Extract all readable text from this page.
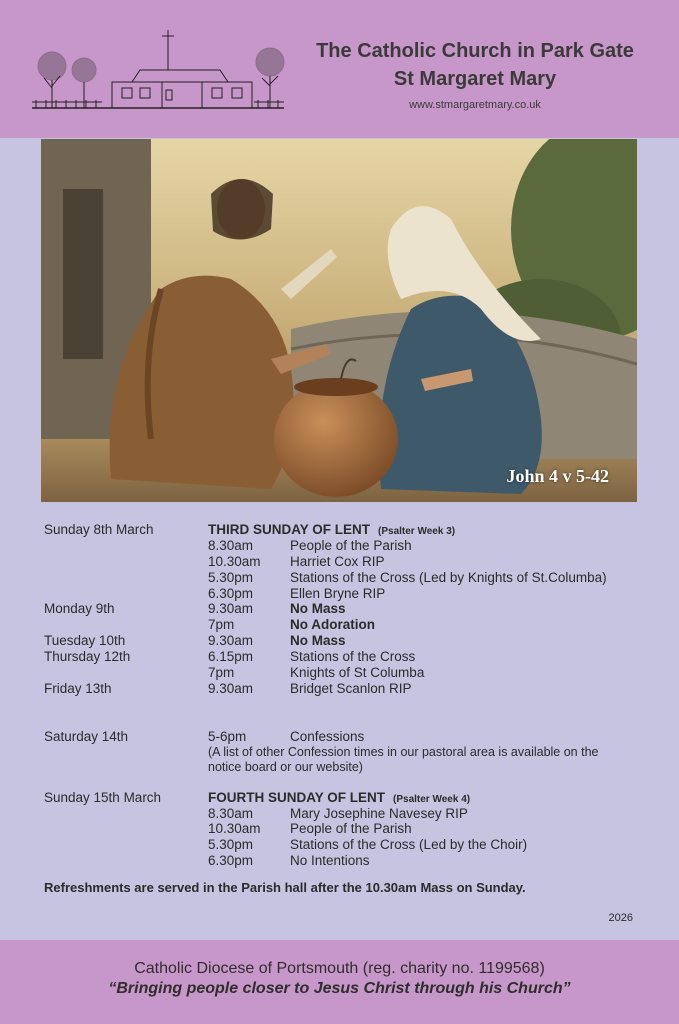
The Catholic Church in Park Gate
St Margaret Mary
www.stmargaretmary.co.uk
John 4 v 5-42
Sunday 8th March	THIRD SUNDAY OF LENT (Psalter Week 3)
8.30am	People of the Parish
10.30am Harriet Cox RIP
5.30pm	Stations of the Cross (Led by Knights of St.Columba)
6.30pm	Ellen Bryne RIP
Monday 9th	9.30am	No Mass
7pm	No Adoration
Tuesday 10th	9.30am	No Mass
Thursday 12th	6.15pm	Stations of the Cross
7pm	Knights of St Columba
Friday 13th	9.30am	Bridget Scanlon RIP
Saturday 14th	5-6pm	Confessions
(A list of other Confession times in our pastoral area is available on the notice board or our website)
Sunday 15th March	FOURTH SUNDAY OF LENT (Psalter Week 4)
8.30am	Mary Josephine Navesey RIP
10.30am People of the Parish
5.30pm	Stations of the Cross (Led by the Choir)
6.30pm	No Intentions
Refreshments are served in the Parish hall after the 10.30am Mass on Sunday.
2026
Catholic Diocese of Portsmouth (reg. charity no. 1199568)
“Bringing people closer to Jesus Christ through his Church”
